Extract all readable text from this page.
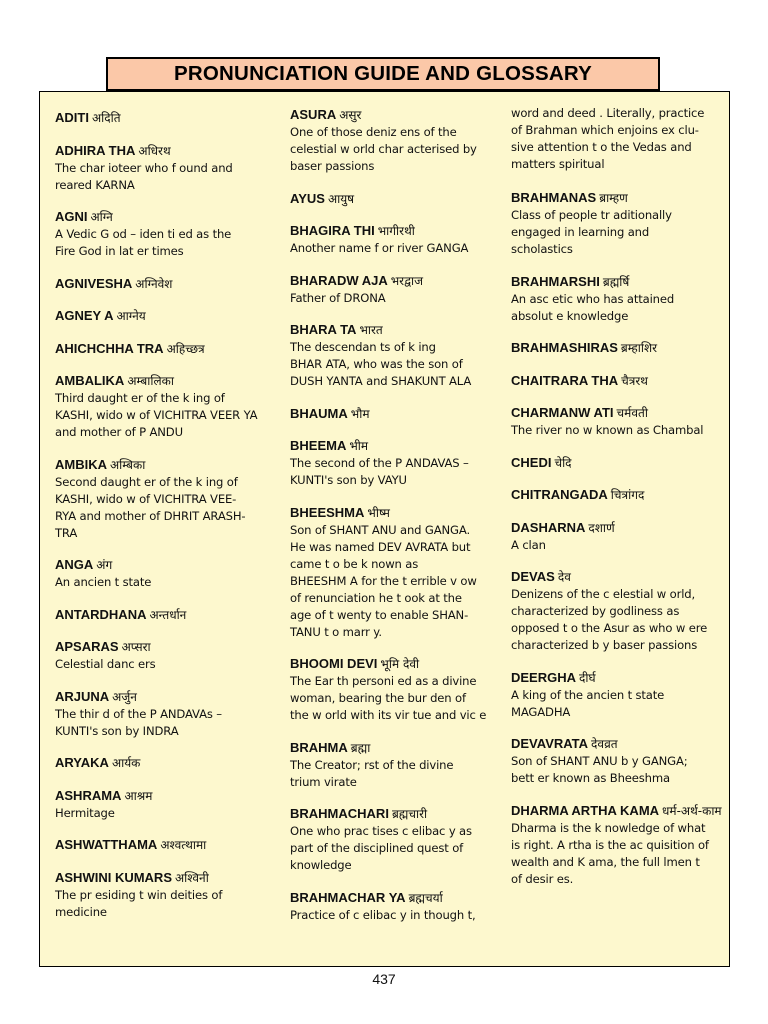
PRONUNCIATION GUIDE AND GLOSSARY
ADITI अदिति
ADHIRA THA अधिरथ
The char ioteer who f ound and
reared KARNA
AGNI अग्नि
A Vedic G od – iden ti ed as the
Fire God in lat er times
AGNIVESHA अग्निवेश
AGNEY A आग्नेय
AHICHCHHA TRA अहिच्छत्र
AMBALIKA अम्बालिका
Third daught er of the k ing of
KASHI, wido w of VICHITRA VEER YA
and mother of P ANDU
AMBIKA अम्बिका
Second daught er of the k ing of
KASHI, wido w of VICHITRA VEE-
RYA and mother of DHRIT ARASH-
TRA
ANGA अंग
An ancien t state
ANTARDHANA अन्तर्धान
APSARAS अप्सरा
Celestial danc ers
ARJUNA अर्जुन
The thir d of the P ANDAVAs –
KUNTI's son by INDRA
ARYAKA आर्यक
ASHRAMA आश्रम
Hermitage
ASHWATTHAMA अश्वत्थामा
ASHWINI KUMARS अश्विनी
The pr esiding t win deities of
medicine
ASURA असुर
One of those deniz ens of the
celestial w orld char acterised by
baser passions
AYUS आयुष
BHAGIRA THI भागीरथी
Another name f or river GANGA
BHARADW AJA भरद्वाज
Father of DRONA
BHARA TA भारत
The descendan ts of k ing
BHAR ATA, who was the son of
DUSH YANTA and SHAKUNT ALA
BHAUMA भौम
BHEEMA भीम
The second of the P ANDAVAS –
KUNTI's son by VAYU
BHEESHMA भीष्म
Son of SHANT ANU and GANGA.
He was named DEV AVRATA but
came t o be k nown as
BHEESHM A for the t errible v ow
of renunciation he t ook at the
age of t wenty to enable SHAN-
TANU t o marr y.
BHOOMI DEVI भूमि देवी
The Ear th personi ed as a divine
woman, bearing the bur den of
the w orld with its vir tue and vic e
BRAHMA ब्रह्मा
The Creator; rst of the divine
trium virate
BRAHMACHARI ब्रह्मचारी
One who prac tises c elibac y as
part of the disciplined quest of
knowledge
BRAHMACHAR YA ब्रह्मचर्या
Practice of c elibac y in though t,
word and deed . Literally, practice
of Brahman which enjoins ex clu-
sive attention t o the Vedas and
matters spiritual
BRAHMANAS ब्राम्हण
Class of people tr aditionally
engaged in learning and
scholastics
BRAHMARSHI ब्रह्मर्षि
An asc etic who has attained
absolut e knowledge
BRAHMASHIRAS ब्रम्हाशिर
CHAITRARA THA चैत्ररथ
CHARMANW ATI चर्मवती
The river no w known as Chambal
CHEDI चेदि
CHITRANGADA चित्रांगद
DASHARNA दशार्ण
A clan
DEVAS देव
Denizens of the c elestial w orld,
characterized by godliness as
opposed t o the Asur as who w ere
characterized b y baser passions
DEERGHA दीर्घ
A king of the ancien t state
MAGADHA
DEVAVRATA देवव्रत
Son of SHANT ANU b y GANGA;
bett er known as Bheeshma
DHARMA ARTHA KAMA धर्म-अर्थ-काम
Dharma is the k nowledge of what
is right. A rtha is the ac quisition of
wealth and K ama, the full lmen t
of desir es.
437
